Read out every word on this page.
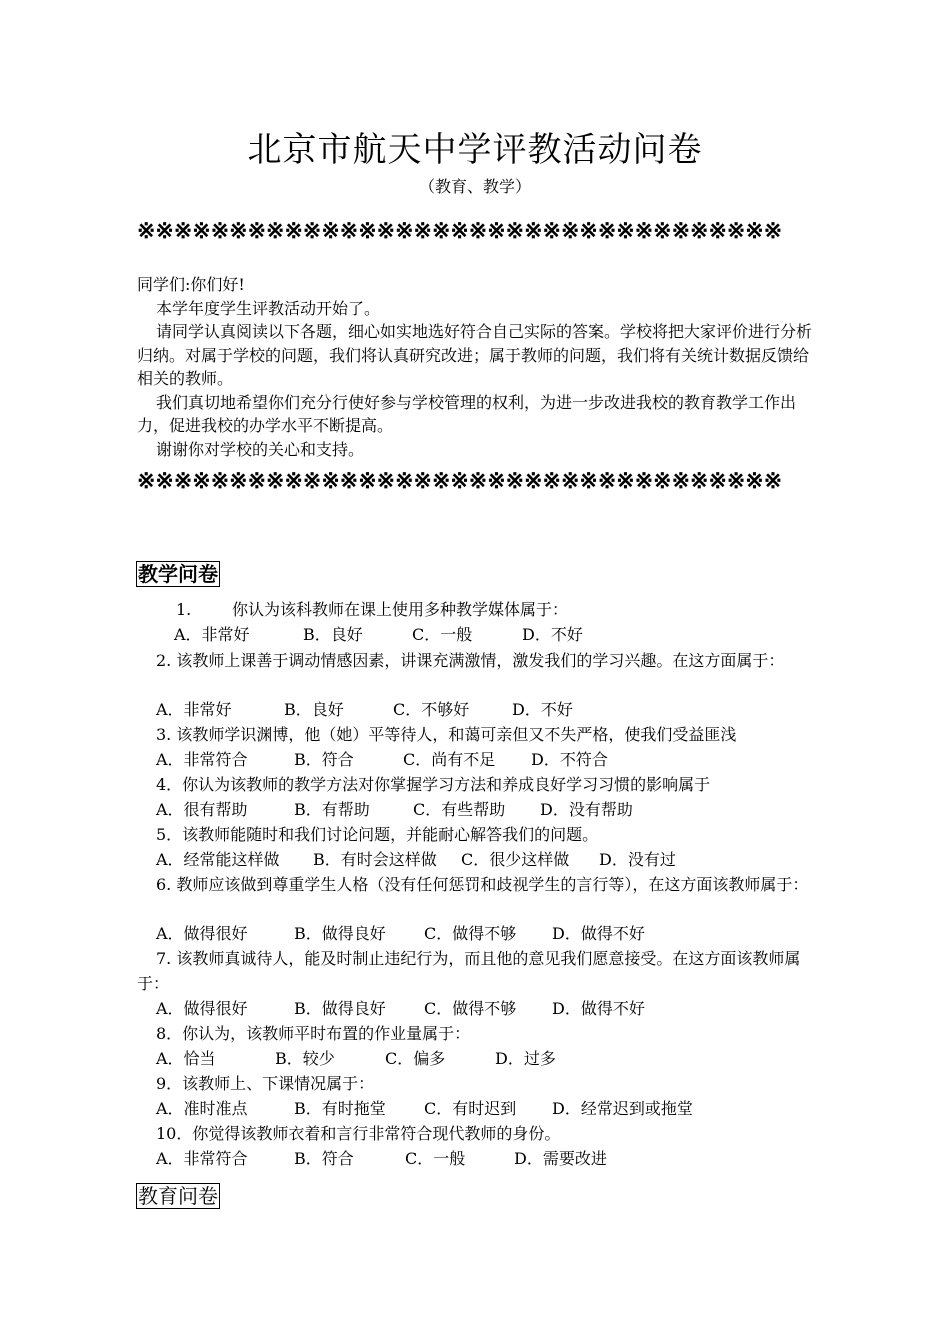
北京市航天中学评教活动问卷
（教育、教学）
※※※※※※※※※※※※※※※※※※※※※※※※※※※※※※※※※※※

同学们:你们好!

本学年度学生评教活动开始了。

请同学认真阅读以下各题，细心如实地选好符合自己实际的答案。学校将把大家评价进行分析归纳。对属于学校的问题，我们将认真研究改进；属于教师的问题，我们将有关统计数据反馈给相关的教师。

我们真切地希望你们充分行使好参与学校管理的权利，为进一步改进我校的教育教学工作出力，促进我校的办学水平不断提高。

谢谢你对学校的关心和支持。

※※※※※※※※※※※※※※※※※※※※※※※※※※※※※※※※※※※
教学问卷
1.        你认为该科教师在课上使用多种教学媒体属于：
A．非常好	B．良好	C．一般	D．不好
2. 该教师上课善于调动情感因素，讲课充满激情，激发我们的学习兴趣。在这方面属于：
A．非常好	B．良好	C．不够好	D．不好
3. 该教师学识渊博，他（她）平等待人，和蔼可亲但又不失严格，使我们受益匪浅
A．非常符合	B．符合	C．尚有不足 D．不符合
4．你认为该教师的教学方法对你掌握学习方法和养成良好学习习惯的影响属于
A．很有帮助	B．有帮助	C．有些帮助 D．没有帮助
5．该教师能随时和我们讨论问题，并能耐心解答我们的问题。
A．经常能这样做 B．有时会这样做 C．很少这样做 D．没有过
6. 教师应该做到尊重学生人格（没有任何惩罚和歧视学生的言行等），在这方面该教师属于：
A．做得很好	B．做得良好 C．做得不够 D．做得不好
7. 该教师真诚待人，能及时制止违纪行为，而且他的意见我们愿意接受。在这方面该教师属于：
A．做得很好	B．做得良好 C．做得不够 D．做得不好
8．你认为，该教师平时布置的作业量属于：
A．恰当	B．较少	C．偏多	D．过多
9．该教师上、下课情况属于：
A．准时准点	B．有时拖堂 C．有时迟到 D．经常迟到或拖堂
10．你觉得该教师衣着和言行非常符合现代教师的身份。
A．非常符合	B．符合	C．一般	D．需要改进
教育问卷
